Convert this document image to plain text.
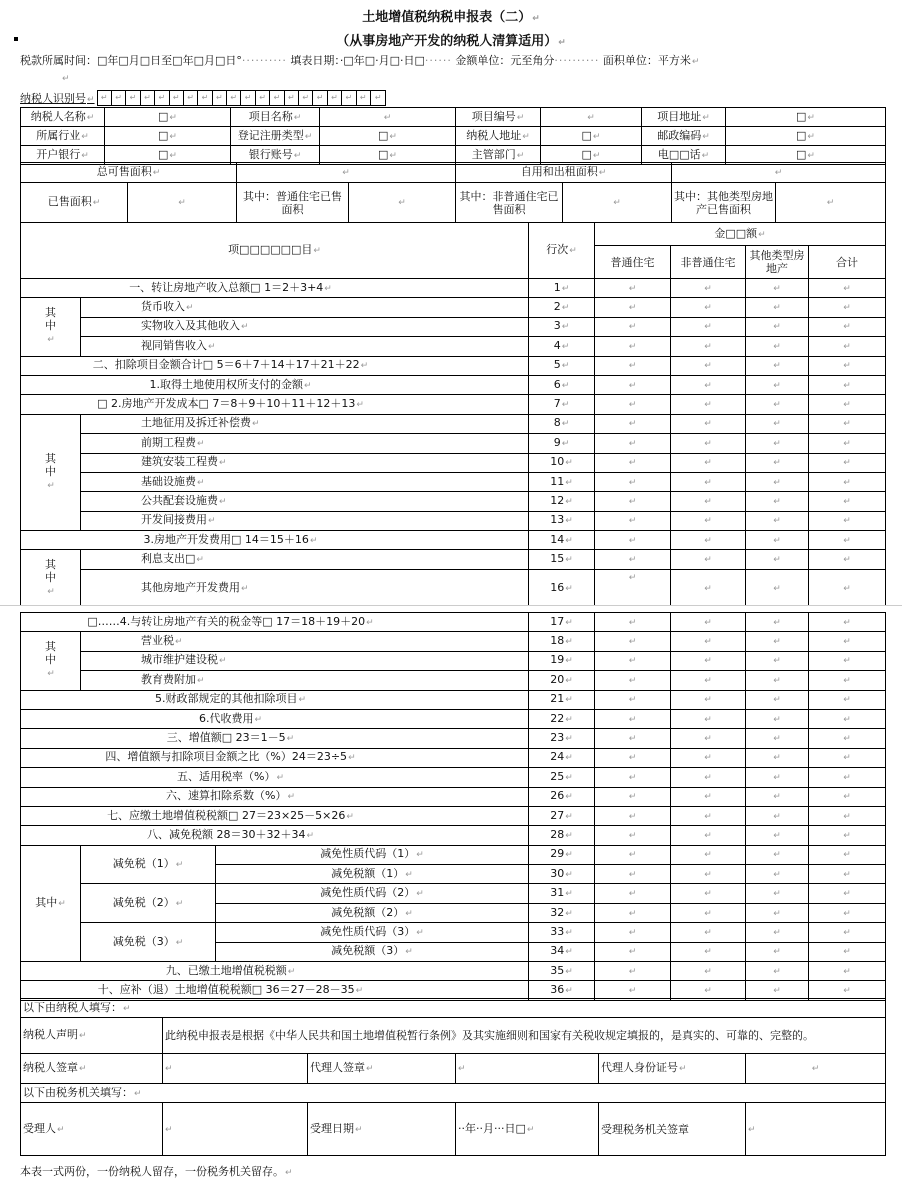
土地增值税纳税申报表（二） ↵
（从事房地产开发的纳税人清算适用） ↵
税款所属时间：□年□月□日至□年□月□日°·········· 填表日期：·□年□·月□·日□······ 金额单位：元至角分·········· 面积单位：平方米 ↵
↵
纳税人识别号 ↵	↵ ↵ ↵ ↵ ↵ ↵ ↵ ↵ ↵ ↵ ↵ ↵ ↵ ↵ ↵ ↵ ↵ ↵ ↵	↵
纳税人名称 ↵	□ ↵	项目名称 ↵	↵	项目编号 ↵	↵	项目地址 ↵	□ ↵
所属行业 ↵	□ ↵	登记注册类型 ↵	□ ↵	纳税人地址 ↵	□ ↵	邮政编码 ↵	□ ↵
开户银行 ↵	□ ↵	银行账号 ↵	□ ↵	主管部门 ↵	□ ↵	电□□话 ↵	□ ↵
总可售面积 ↵	↵			自用和出租面积 ↵	↵
已售面积 ↵	↵	其中：普通住宅已售面积	↵	其中：非普通住宅已售面积	↵	其中：其他类型房地产已售面积	↵
项□□□□□□目 ↵		行次 ↵	金□□额 ↵
			普通住宅	非普通住宅	其他类型房地产	合计
一、转让房地产收入总额□ 1＝2＋3+4 ↵		1 ↵	↵	↵	↵	↵
其中 ↵	货币收入 ↵	2 ↵	↵	↵	↵	↵
	实物收入及其他收入 ↵	3 ↵	↵	↵	↵	↵
	视同销售收入 ↵	4 ↵	↵	↵	↵	↵
二、扣除项目金额合计□ 5＝6＋7＋14＋17＋21＋22 ↵		5 ↵	↵	↵	↵	↵
1.取得土地使用权所支付的金额 ↵		6 ↵	↵	↵	↵	↵
□ 2.房地产开发成本□ 7＝8＋9＋10＋11＋12＋13 ↵		7 ↵	↵	↵	↵	↵
其中 ↵	土地征用及拆迁补偿费 ↵	8 ↵	↵	↵	↵	↵
	前期工程费 ↵	9 ↵	↵	↵	↵	↵
	建筑安装工程费 ↵	10 ↵	↵	↵	↵	↵
	基础设施费 ↵	11 ↵	↵	↵	↵	↵
	公共配套设施费 ↵	12 ↵	↵	↵	↵	↵
	开发间接费用 ↵	13 ↵	↵	↵	↵	↵
3.房地产开发费用□ 14＝15＋16 ↵		14 ↵	↵	↵	↵	↵
其中 ↵	利息支出□ ↵	15 ↵	↵	↵	↵	↵
	其他房地产开发费用 ↵	16 ↵	↵	↵	↵	↵
□……4.与转让房地产有关的税金等□ 17＝18＋19＋20 ↵			17 ↵	↵	↵	↵	↵
其中 ↵	营业税 ↵		18 ↵	↵	↵	↵	↵
	城市维护建设税 ↵		19 ↵	↵	↵	↵	↵
	教育费附加 ↵		20 ↵	↵	↵	↵	↵
5.财政部规定的其他扣除项目 ↵			21 ↵	↵	↵	↵	↵
6.代收费用 ↵			22 ↵	↵	↵	↵	↵
三、增值额□ 23＝1－5 ↵			23 ↵	↵	↵	↵	↵
四、增值额与扣除项目金额之比（%）24＝23÷5 ↵			24 ↵	↵	↵	↵	↵
五、适用税率（%） ↵			25 ↵	↵	↵	↵	↵
六、速算扣除系数（%） ↵			26 ↵	↵	↵	↵	↵
七、应缴土地增值税税额□ 27＝23×25－5×26 ↵			27 ↵	↵	↵	↵	↵
八、减免税额 28＝30＋32＋34 ↵			28 ↵	↵	↵	↵	↵
其中 ↵	减免税（1） ↵	减免性质代码（1） ↵	29 ↵	↵	↵	↵	↵
		减免税额（1） ↵	30 ↵	↵	↵	↵	↵
	减免税（2） ↵	减免性质代码（2） ↵	31 ↵	↵	↵	↵	↵
		减免税额（2） ↵	32 ↵	↵	↵	↵	↵
	减免税（3） ↵	减免性质代码（3） ↵	33 ↵	↵	↵	↵	↵
		减免税额（3） ↵	34 ↵	↵	↵	↵	↵
九、已缴土地增值税税额 ↵			35 ↵	↵	↵	↵	↵
十、应补（退）土地增值税税额□ 36＝27－28－35 ↵			36 ↵	↵	↵	↵	↵
以下由纳税人填写： ↵
纳税人声明 ↵	此纳税申报表是根据《中华人民共和国土地增值税暂行条例》及其实施细则和国家有关税收规定填报的，是真实的、可靠的、完整的。				
纳税人签章 ↵	↵	代理人签章 ↵	↵	代理人身份证号 ↵	↵
以下由税务机关填写： ↵
受理人 ↵	↵	受理日期 ↵	··年··月···日□ ↵	受理税务机关签章	↵
本表一式两份，一份纳税人留存，一份税务机关留存。 ↵
